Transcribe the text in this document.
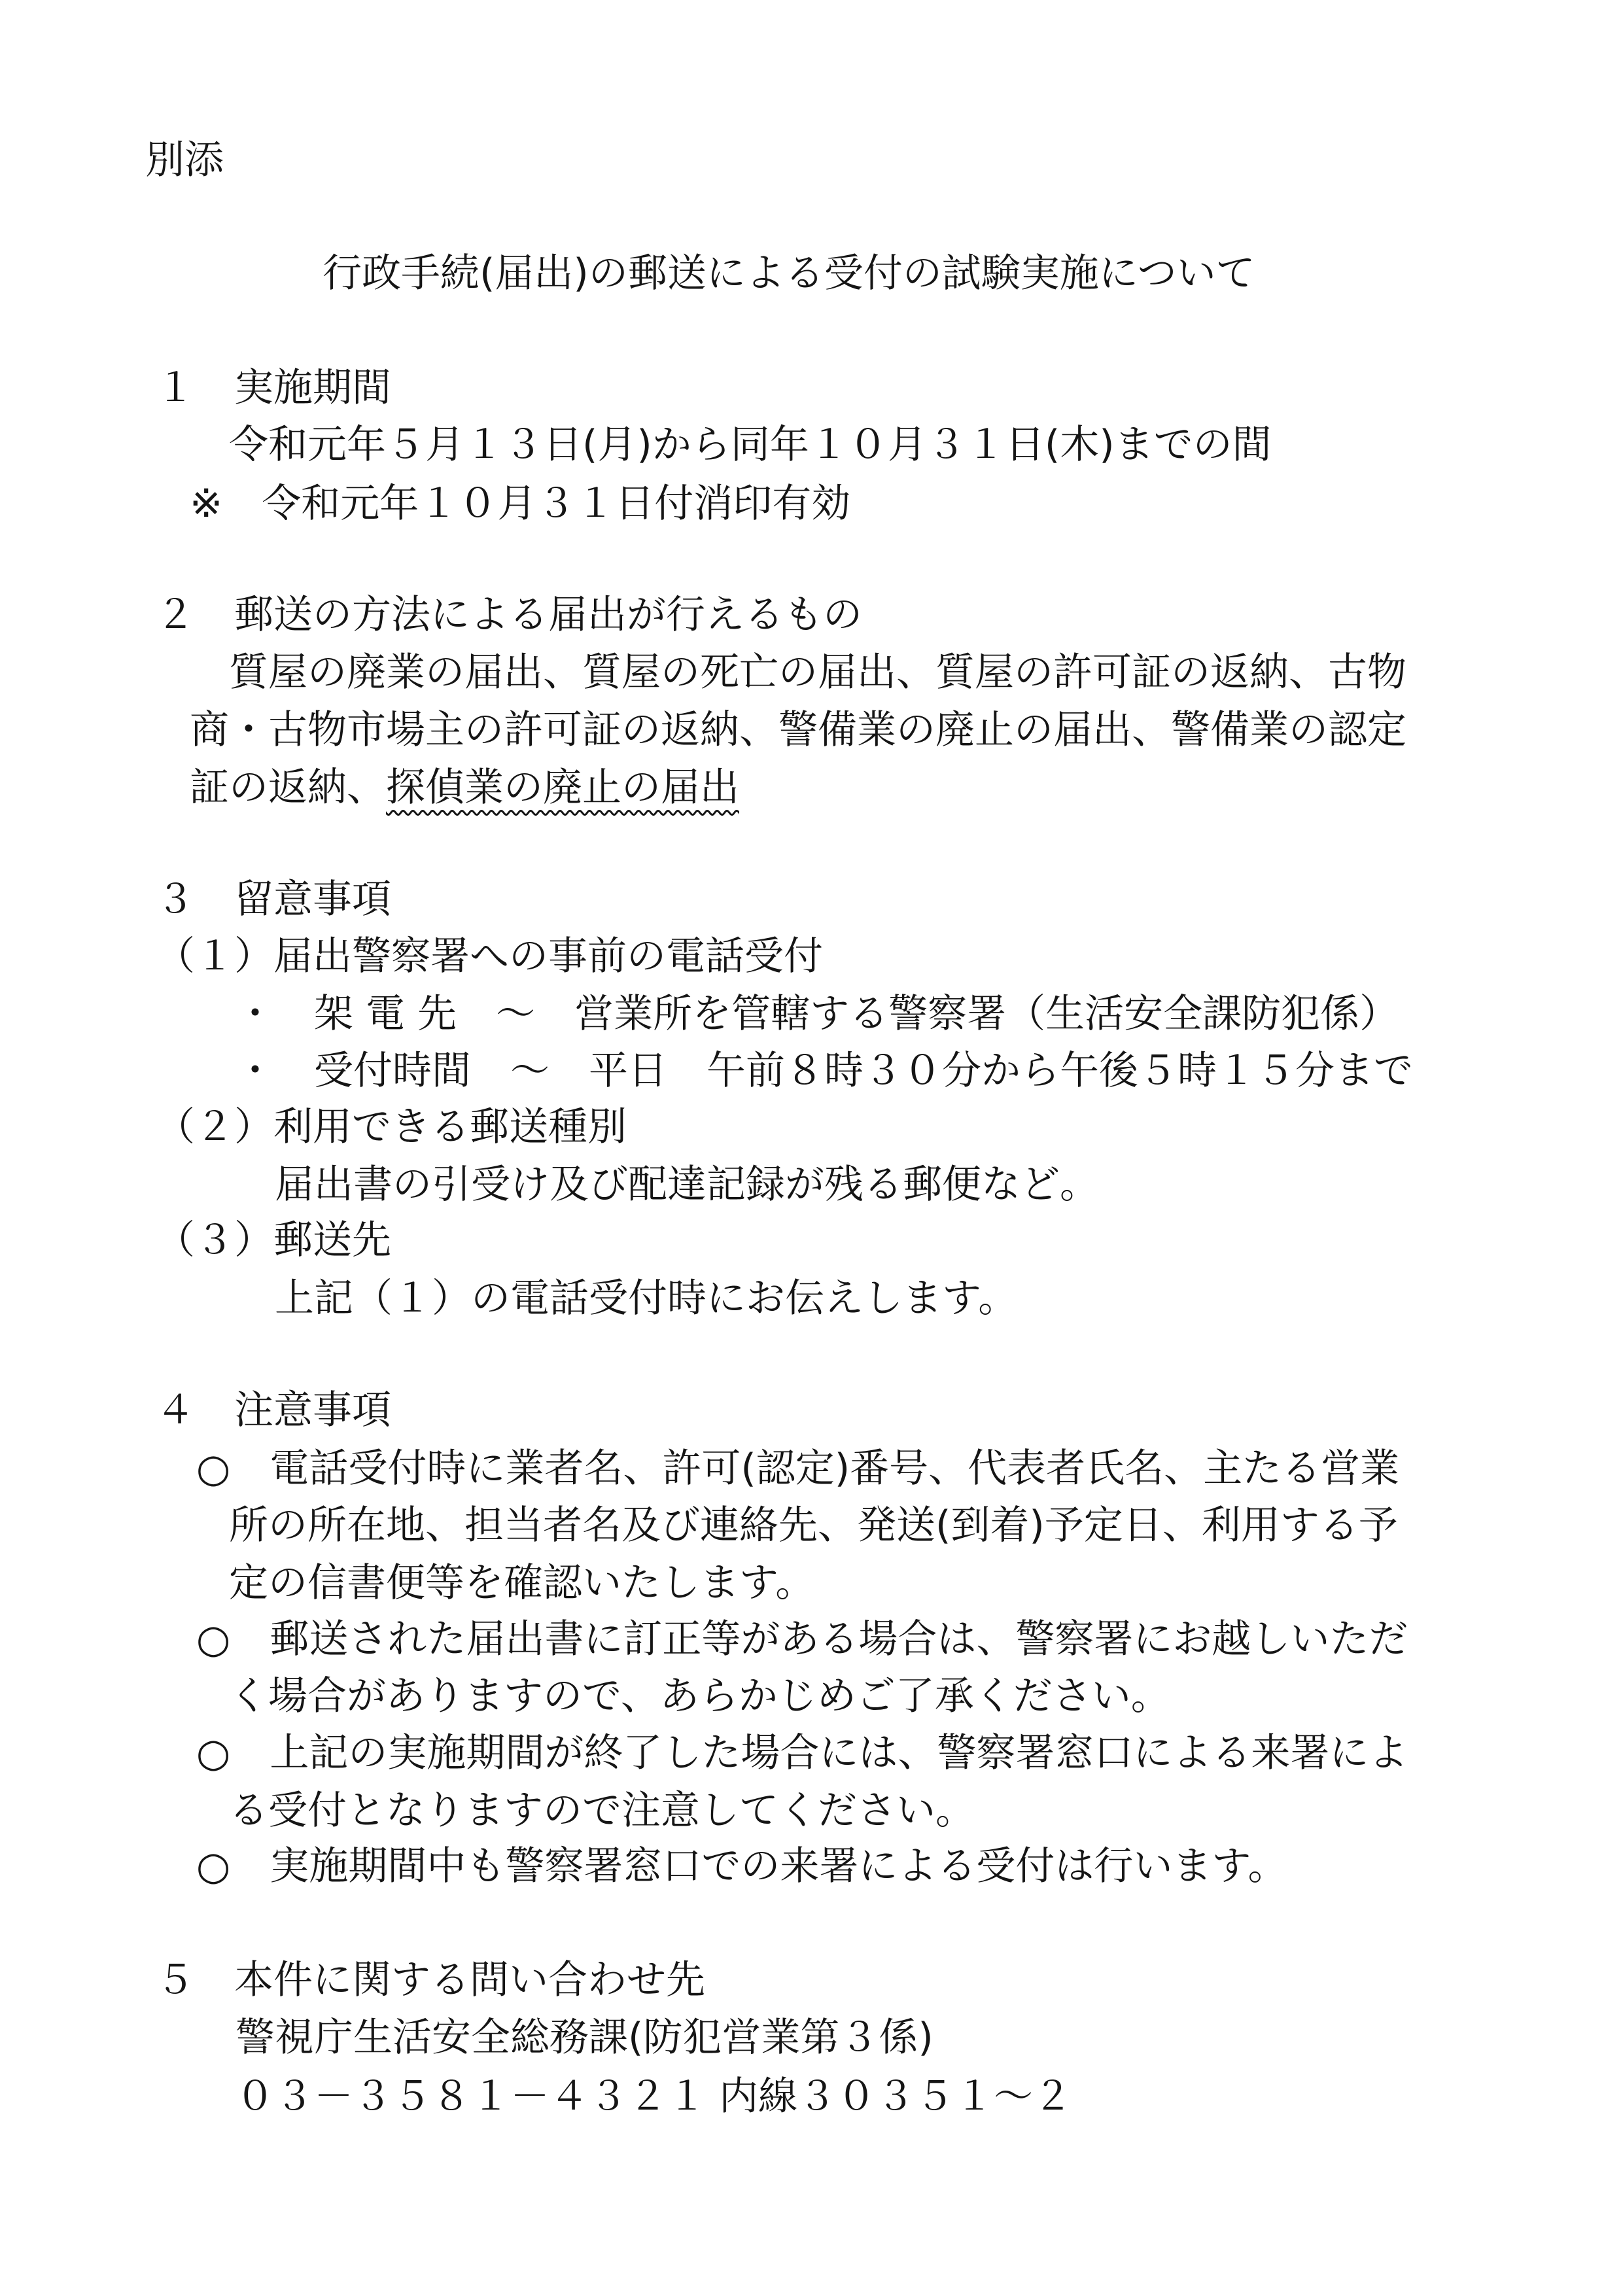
別添

行政手続(届出)の郵送による受付の試験実施について

１　実施期間

令和元年５月１３日(月)から同年１０月３１日(木)までの間

※　令和元年１０月３１日付消印有効

２　郵送の方法による届出が行えるもの

質屋の廃業の届出、質屋の死亡の届出、質屋の許可証の返納、古物

商・古物市場主の許可証の返納、警備業の廃止の届出、警備業の認定

証の返納、探偵業の廃止の届出

３　留意事項

（１）届出警察署への事前の電話受付

・　架 電 先　～　営業所を管轄する警察署（生活安全課防犯係）

・　受付時間　～　平日　午前８時３０分から午後５時１５分まで

（２）利用できる郵送種別

届出書の引受け及び配達記録が残る郵便など。

（３）郵送先

上記（１）の電話受付時にお伝えします。

４　注意事項

○　電話受付時に業者名、許可(認定)番号、代表者氏名、主たる営業

所の所在地、担当者名及び連絡先、発送(到着)予定日、利用する予

定の信書便等を確認いたします。

○　郵送された届出書に訂正等がある場合は、警察署にお越しいただ

く場合がありますので、あらかじめご了承ください。

○　上記の実施期間が終了した場合には、警察署窓口による来署によ

る受付となりますので注意してください。

○　実施期間中も警察署窓口での来署による受付は行います。

５　本件に関する問い合わせ先

警視庁生活安全総務課(防犯営業第３係)

０３－３５８１－４３２１ 内線３０３５１～２
